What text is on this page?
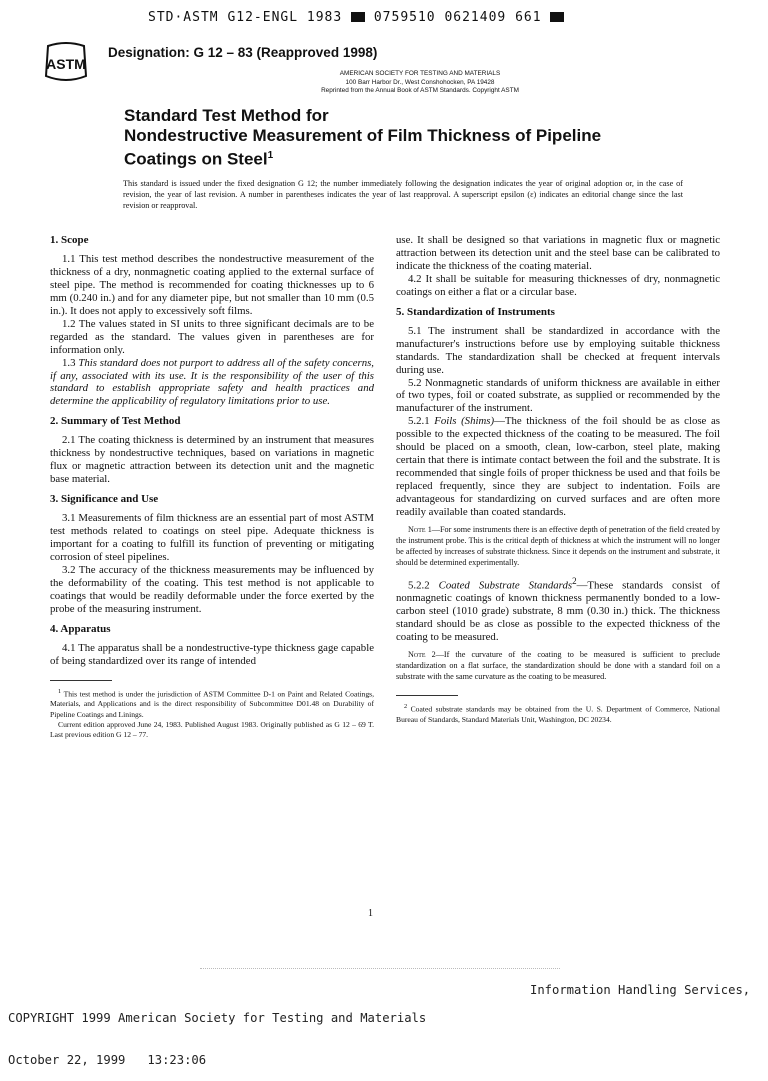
STD·ASTM G12-ENGL 1983 0759510 0621409 661
ASTM
Designation: G 12 – 83 (Reapproved 1998)
AMERICAN SOCIETY FOR TESTING AND MATERIALS
100 Barr Harbor Dr., West Conshohocken, PA 19428
Reprinted from the Annual Book of ASTM Standards. Copyright ASTM
Standard Test Method for
Nondestructive Measurement of Film Thickness of Pipeline
Coatings on Steel$^1$
This standard is issued under the fixed designation G 12; the number immediately following the designation indicates the year of original adoption or, in the case of revision, the year of last revision. A number in parentheses indicates the year of last reapproval. A superscript epsilon (ε) indicates an editorial change since the last revision or reapproval.
1. Scope

1.1 This test method describes the nondestructive measurement of the thickness of a dry, nonmagnetic coating applied to the external surface of steel pipe. The method is recommended for coating thicknesses up to 6 mm (0.240 in.) and for any diameter pipe, but not smaller than 10 mm (0.5 in.). It does not apply to excessively soft films.

1.2 The values stated in SI units to three significant decimals are to be regarded as the standard. The values given in parentheses are for information only.

1.3 This standard does not purport to address all of the safety concerns, if any, associated with its use. It is the responsibility of the user of this standard to establish appropriate safety and health practices and determine the applicability of regulatory limitations prior to use.

2. Summary of Test Method

2.1 The coating thickness is determined by an instrument that measures thickness by nondestructive techniques, based on variations in magnetic flux or magnetic attraction between its detection unit and the magnetic base material.

3. Significance and Use

3.1 Measurements of film thickness are an essential part of most ASTM test methods related to coatings on steel pipe. Adequate thickness is important for a coating to fulfill its function of preventing or mitigating corrosion of steel pipelines.

3.2 The accuracy of the thickness measurements may be influenced by the deformability of the coating. This test method is not applicable to coatings that would be readily deformable under the force exerted by the probe of the measuring instrument.

4. Apparatus

4.1 The apparatus shall be a nondestructive-type thickness gage capable of being standardized over its range of intended

$^1$ This test method is under the jurisdiction of ASTM Committee D-1 on Paint and Related Coatings, Materials, and Applications and is the direct responsibility of Subcommittee D01.48 on Durability of Pipeline Coatings and Linings.

Current edition approved June 24, 1983. Published August 1983. Originally published as G 12 – 69 T. Last previous edition G 12 – 77.

use. It shall be designed so that variations in magnetic flux or magnetic attraction between its detection unit and the steel base can be calibrated to indicate the thickness of the coating material.

4.2 It shall be suitable for measuring thicknesses of dry, nonmagnetic coatings on either a flat or a circular base.

5. Standardization of Instruments

5.1 The instrument shall be standardized in accordance with the manufacturer's instructions before use by employing suitable thickness standards. The standardization shall be checked at frequent intervals during use.

5.2 Nonmagnetic standards of uniform thickness are available in either of two types, foil or coated substrate, as supplied or recommended by the manufacturer of the instrument.

5.2.1 Foils (Shims)—The thickness of the foil should be as close as possible to the expected thickness of the coating to be measured. The foil should be placed on a smooth, clean, low-carbon, steel plate, making certain that there is intimate contact between the foil and the substrate. It is recommended that single foils of proper thickness be used and that foils be replaced frequently, since they are subject to indentation. Foils are advantageous for standardizing on curved surfaces and are often more readily available than coated standards.

Note 1—For some instruments there is an effective depth of penetration of the field created by the instrument probe. This is the critical depth of thickness at which the instrument will no longer be affected by increases of substrate thickness. Since it depends on the instrument and substrate, it should be determined experimentally.

5.2.2 Coated Substrate Standards$^2$—These standards consist of nonmagnetic coatings of known thickness permanently bonded to a low-carbon steel (1010 grade) substrate, 8 mm (0.30 in.) thick. The thickness standard should be as close as possible to the expected thickness of the coating to be measured.

Note 2—If the curvature of the coating to be measured is sufficient to preclude standardization on a flat surface, the standardization should be done with a standard foil on a substrate with the same curvature as the coating to be measured.

$^2$ Coated substrate standards may be obtained from the U. S. Department of Commerce, National Bureau of Standards, Standard Materials Unit, Washington, DC 20234.

1

COPYRIGHT 1999 American Society for Testing and Materials

October 22, 1999   13:23:06

Information Handling Services,
